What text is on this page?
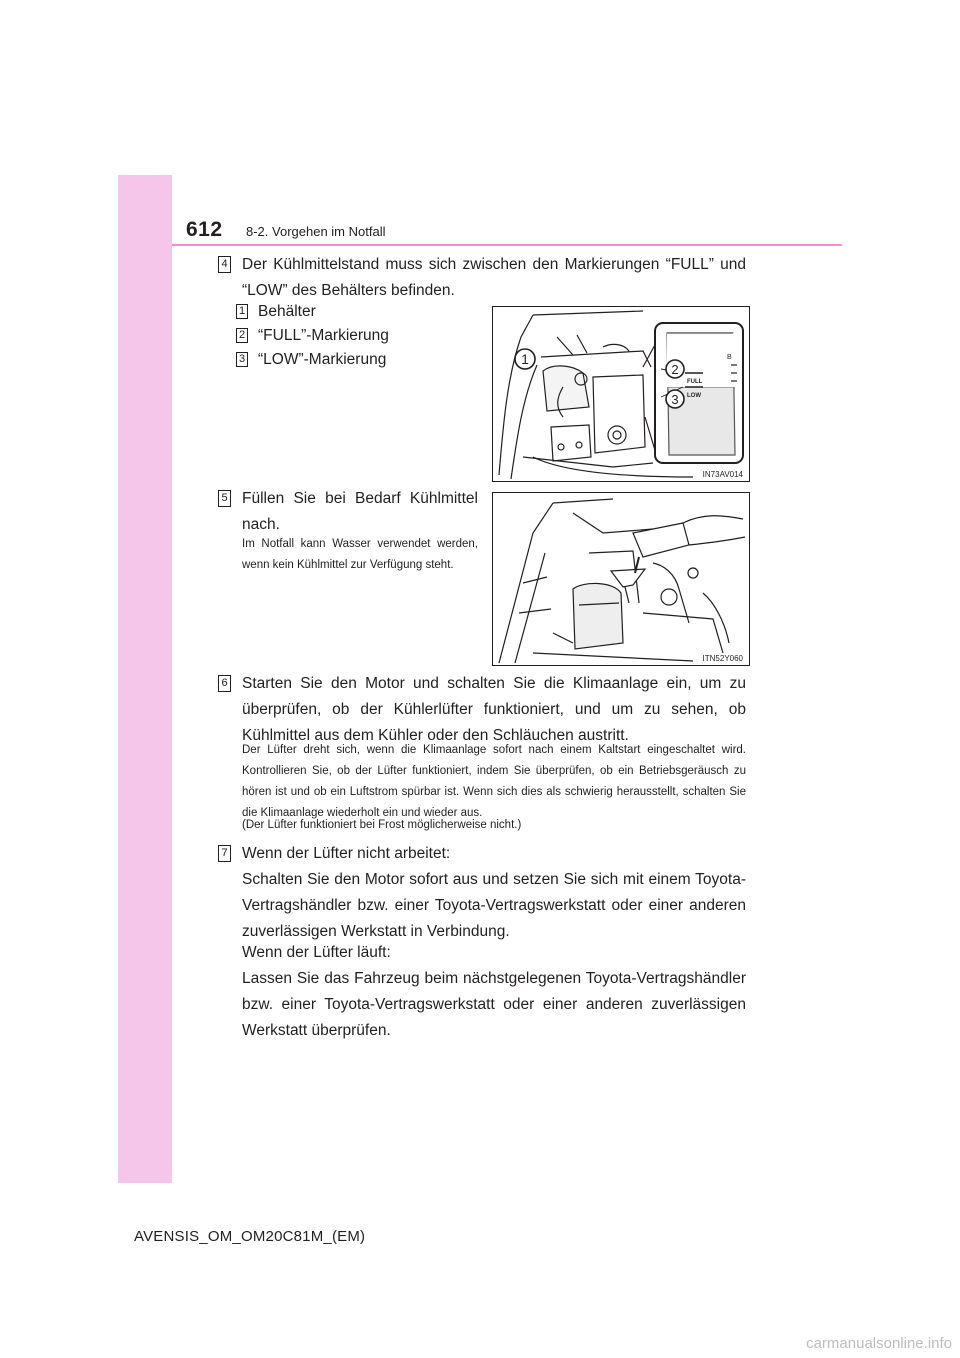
612 8-2. Vorgehen im Notfall
4 Der Kühlmittelstand muss sich zwischen den Markierungen “FULL” und “LOW” des Behälters befinden.
1 Behälter
2 “FULL”-Markierung
3 “LOW”-Markierung	1
2
3
FULL
LOW
B
IN73AV014
5 Füllen Sie bei Bedarf Kühlmittel nach.
Im Notfall kann Wasser verwendet werden, wenn kein Kühlmittel zur Verfügung steht.
ITN52Y060
6 Starten Sie den Motor und schalten Sie die Klimaanlage ein, um zu überprüfen, ob der Kühlerlüfter funktioniert, und um zu sehen, ob Kühlmittel aus dem Kühler oder den Schläuchen austritt.
Der Lüfter dreht sich, wenn die Klimaanlage sofort nach einem Kaltstart eingeschaltet wird. Kontrollieren Sie, ob der Lüfter funktioniert, indem Sie überprüfen, ob ein Betriebsgeräusch zu hören ist und ob ein Luftstrom spürbar ist. Wenn sich dies als schwierig herausstellt, schalten Sie die Klimaanlage wiederholt ein und wieder aus.
(Der Lüfter funktioniert bei Frost möglicherweise nicht.)
7 Wenn der Lüfter nicht arbeitet:
Schalten Sie den Motor sofort aus und setzen Sie sich mit einem Toyota-Vertragshändler bzw. einer Toyota-Vertragswerkstatt oder einer anderen zuverlässigen Werkstatt in Verbindung.
Wenn der Lüfter läuft:
Lassen Sie das Fahrzeug beim nächstgelegenen Toyota-Vertragshändler bzw. einer Toyota-Vertragswerkstatt oder einer anderen zuverlässigen Werkstatt überprüfen.
AVENSIS_OM_OM20C81M_(EM)
carmanualsonline.info
